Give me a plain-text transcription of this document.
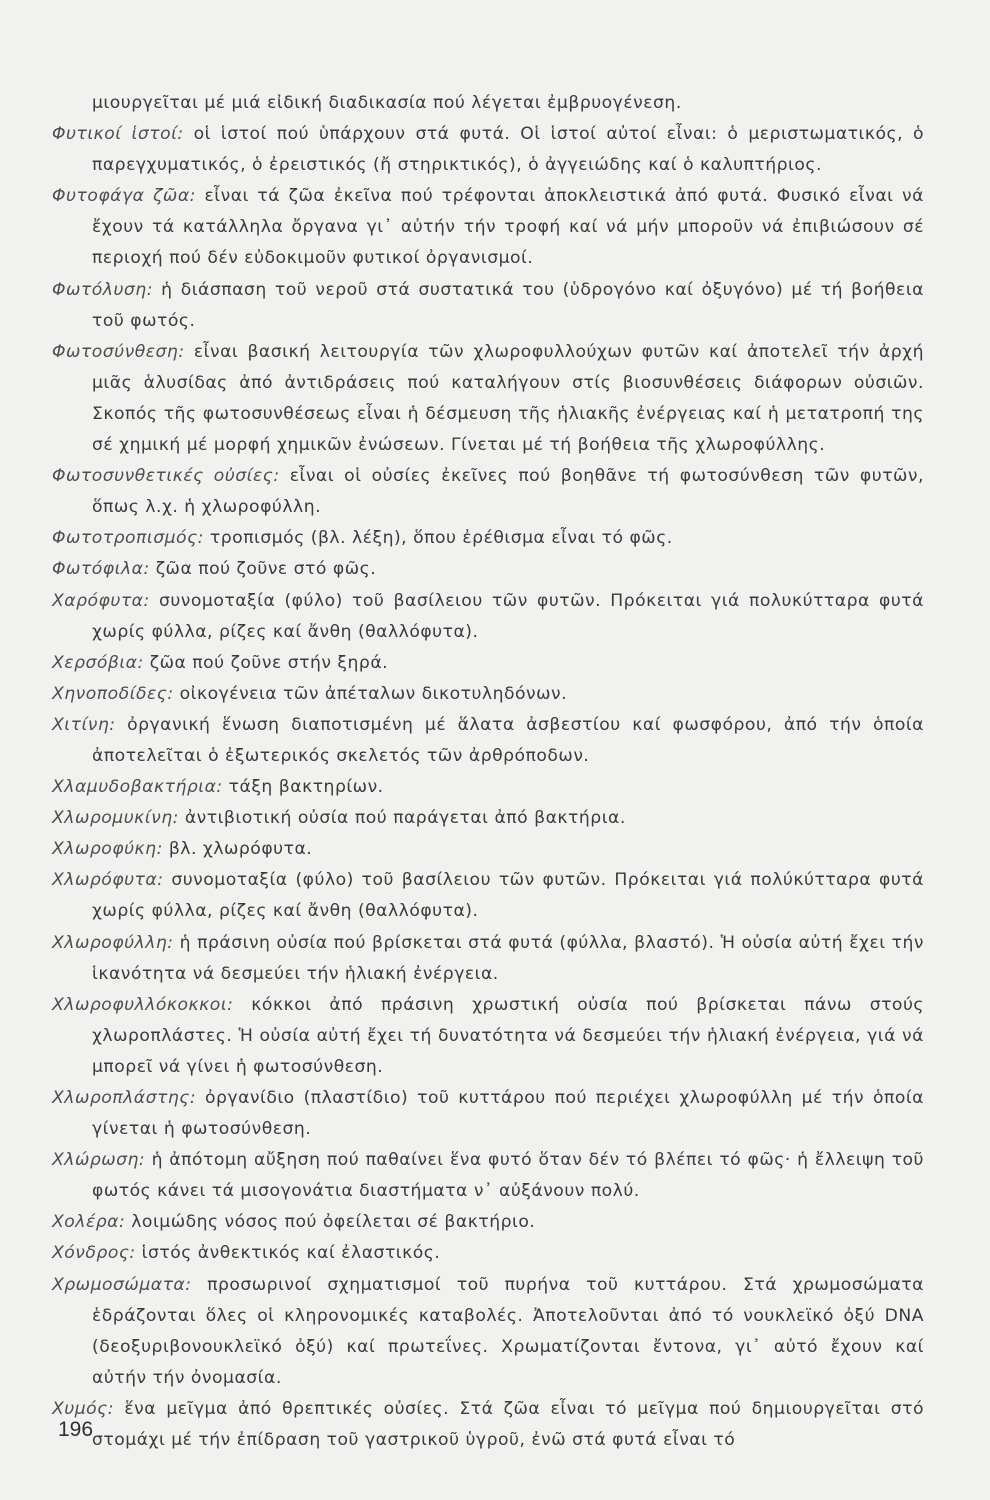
μιουργεῖται μέ μιά εἰδική διαδικασία πού λέγεται ἐμβρυογένεση.

Φυτικοί ἱστοί: οἱ ἱστοί πού ὑπάρχουν στά φυτά. Οἱ ἱστοί αὐτοί εἶναι: ὁ μεριστωματικός, ὁ παρεγχυματικός, ὁ ἐρειστικός (ἤ στηρικτικός), ὁ ἀγγειώδης καί ὁ καλυπτήριος.

Φυτοφάγα ζῶα: εἶναι τά ζῶα ἐκεῖνα πού τρέφονται ἀποκλειστικά ἀπό φυτά. Φυσικό εἶναι νά ἔχουν τά κατάλληλα ὄργανα γι᾿ αὐτήν τήν τροφή καί νά μήν μποροῦν νά ἐπιβιώσουν σέ περιοχή πού δέν εὐδοκιμοῦν φυτικοί ὀργανισμοί.

Φωτόλυση: ἡ διάσπαση τοῦ νεροῦ στά συστατικά του (ὑδρογόνο καί ὀξυγόνο) μέ τή βοήθεια τοῦ φωτός.

Φωτοσύνθεση: εἶναι βασική λειτουργία τῶν χλωροφυλλούχων φυτῶν καί ἀποτελεῖ τήν ἀρχή μιᾶς ἁλυσίδας ἀπό ἀντιδράσεις πού καταλήγουν στίς βιοσυνθέσεις διάφορων οὐσιῶν. Σκοπός τῆς φωτοσυνθέσεως εἶναι ἡ δέσμευση τῆς ἡλιακῆς ἐνέργειας καί ἡ μετατροπή της σέ χημική μέ μορφή χημικῶν ἐνώσεων. Γίνεται μέ τή βοήθεια τῆς χλωροφύλλης.

Φωτοσυνθετικές οὐσίες: εἶναι οἱ οὐσίες ἐκεῖνες πού βοηθᾶνε τή φωτοσύνθεση τῶν φυτῶν, ὅπως λ.χ. ἡ χλωροφύλλη.

Φωτοτροπισμός: τροπισμός (βλ. λέξη), ὅπου ἐρέθισμα εἶναι τό φῶς.

Φωτόφιλα: ζῶα πού ζοῦνε στό φῶς.

Χαρόφυτα: συνομοταξία (φύλο) τοῦ βασίλειου τῶν φυτῶν. Πρόκειται γιά πολυκύτταρα φυτά χωρίς φύλλα, ρίζες καί ἄνθη (θαλλόφυτα).

Χερσόβια: ζῶα πού ζοῦνε στήν ξηρά.

Χηνοποδίδες: οἰκογένεια τῶν ἀπέταλων δικοτυληδόνων.

Χιτίνη: ὀργανική ἕνωση διαποτισμένη μέ ἅλατα ἀσβεστίου καί φωσφόρου, ἀπό τήν ὁποία ἀποτελεῖται ὁ ἐξωτερικός σκελετός τῶν ἀρθρόποδων.

Χλαμυδοβακτήρια: τάξη βακτηρίων.

Χλωρομυκίνη: ἀντιβιοτική οὐσία πού παράγεται ἀπό βακτήρια.

Χλωροφύκη: βλ. χλωρόφυτα.

Χλωρόφυτα: συνομοταξία (φύλο) τοῦ βασίλειου τῶν φυτῶν. Πρόκειται γιά πολύκύτταρα φυτά χωρίς φύλλα, ρίζες καί ἄνθη (θαλλόφυτα).

Χλωροφύλλη: ἡ πράσινη οὐσία πού βρίσκεται στά φυτά (φύλλα, βλαστό). Ἡ οὐσία αὐτή ἔχει τήν ἱκανότητα νά δεσμεύει τήν ἡλιακή ἐνέργεια.

Χλωροφυλλόκοκκοι: κόκκοι ἀπό πράσινη χρωστική οὐσία πού βρίσκεται πάνω στούς χλωροπλάστες. Ἡ οὐσία αὐτή ἔχει τή δυνατότητα νά δεσμεύει τήν ἡλιακή ἐνέργεια, γιά νά μπορεῖ νά γίνει ἡ φωτοσύνθεση.

Χλωροπλάστης: ὀργανίδιο (πλαστίδιο) τοῦ κυττάρου πού περιέχει χλωροφύλλη μέ τήν ὁποία γίνεται ἡ φωτοσύνθεση.

Χλώρωση: ἡ ἀπότομη αὔξηση πού παθαίνει ἕνα φυτό ὅταν δέν τό βλέπει τό φῶς· ἡ ἔλλειψη τοῦ φωτός κάνει τά μισογονάτια διαστήματα ν᾿ αὐξάνουν πολύ.

Χολέρα: λοιμώδης νόσος πού ὀφείλεται σέ βακτήριο.

Χόνδρος: ἱστός ἀνθεκτικός καί ἐλαστικός.

Χρωμοσώματα: προσωρινοί σχηματισμοί τοῦ πυρήνα τοῦ κυττάρου. Στά χρωμοσώματα ἑδράζονται ὅλες οἱ κληρονομικές καταβολές. Ἀποτελοῦνται ἀπό τό νουκλεϊκό ὀξύ DNA (δεοξυριβονουκλεϊκό ὀξύ) καί πρωτεΐνες. Χρωματίζονται ἔντονα, γι᾿ αὐτό ἔχουν καί αὐτήν τήν ὀνομασία.

Χυμός: ἕνα μεῖγμα ἀπό θρεπτικές οὐσίες. Στά ζῶα εἶναι τό μεῖγμα πού δημιουργεῖται στό στομάχι μέ τήν ἐπίδραση τοῦ γαστρικοῦ ὑγροῦ, ἐνῶ στά φυτά εἶναι τό

196
